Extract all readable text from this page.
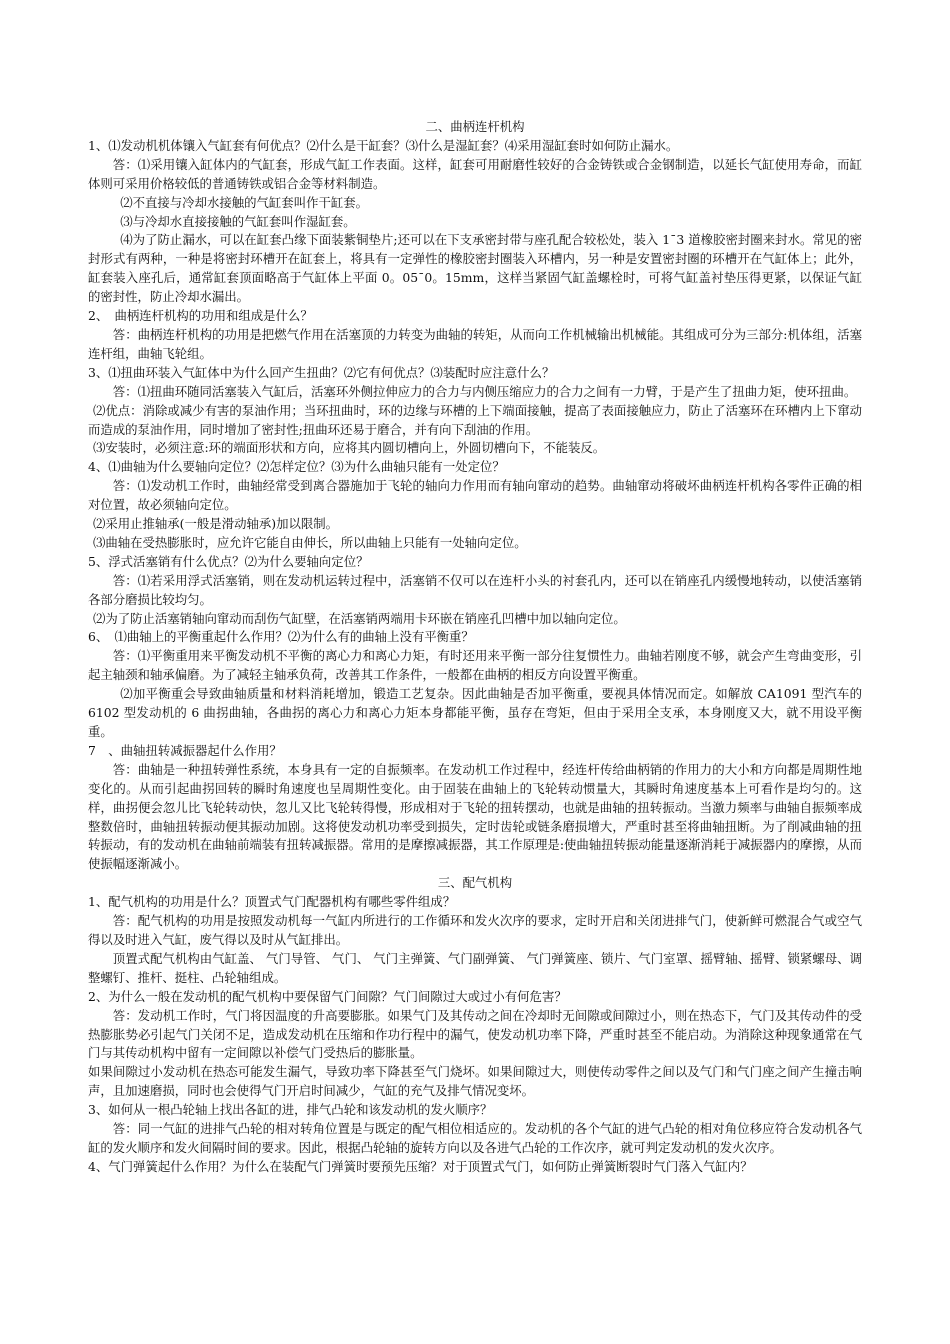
二、曲柄连杆机构

1、⑴发动机机体镶入气缸套有何优点？⑵什么是干缸套？⑶什么是湿缸套？⑷采用湿缸套时如何防止漏水。

答：⑴采用镶入缸体内的气缸套，形成气缸工作表面。这样，缸套可用耐磨性较好的合金铸铁或合金钢制造，以延长气缸使用寿命，而缸体则可采用价格较低的普通铸铁或铝合金等材料制造。

⑵不直接与冷却水接触的气缸套叫作干缸套。

⑶与冷却水直接接触的气缸套叫作湿缸套。

⑷为了防止漏水，可以在缸套凸缘下面装紫铜垫片;还可以在下支承密封带与座孔配合较松处，装入 1¯3 道橡胶密封圈来封水。常见的密封形式有两种，一种是将密封环槽开在缸套上，将具有一定弹性的橡胶密封圈装入环槽内，另一种是安置密封圈的环槽开在气缸体上；此外，缸套装入座孔后，通常缸套顶面略高于气缸体上平面 0。05¯0。15mm，这样当紧固气缸盖螺栓时，可将气缸盖衬垫压得更紧，以保证气缸的密封性，防止冷却水漏出。

2、　曲柄连杆机构的功用和组成是什么？

答：曲柄连杆机构的功用是把燃气作用在活塞顶的力转变为曲轴的转矩，从而向工作机械输出机械能。其组成可分为三部分:机体组，活塞连杆组，曲轴飞轮组。

3、⑴扭曲环装入气缸体中为什么回产生扭曲？⑵它有何优点？⑶装配时应注意什么？

答：⑴扭曲环随同活塞装入气缸后，活塞环外侧拉伸应力的合力与内侧压缩应力的合力之间有一力臂，于是产生了扭曲力矩，使环扭曲。

⑵优点：消除或减少有害的泵油作用；当环扭曲时，环的边缘与环槽的上下端面接触，提高了表面接触应力，防止了活塞环在环槽内上下窜动而造成的泵油作用，同时增加了密封性;扭曲环还易于磨合，并有向下刮油的作用。

⑶安装时，必须注意:环的端面形状和方向，应将其内圆切槽向上，外圆切槽向下，不能装反。

4、⑴曲轴为什么要轴向定位？⑵怎样定位？⑶为什么曲轴只能有一处定位？

答：⑴发动机工作时，曲轴经常受到离合器施加于飞轮的轴向力作用而有轴向窜动的趋势。曲轴窜动将破坏曲柄连杆机构各零件正确的相对位置，故必须轴向定位。

⑵采用止推轴承(一般是滑动轴承)加以限制。

⑶曲轴在受热膨胀时，应允许它能自由伸长，所以曲轴上只能有一处轴向定位。

5、浮式活塞销有什么优点？⑵为什么要轴向定位？

答：⑴若采用浮式活塞销，则在发动机运转过程中，活塞销不仅可以在连杆小头的衬套孔内，还可以在销座孔内缓慢地转动，以使活塞销各部分磨损比较均匀。

⑵为了防止活塞销轴向窜动而刮伤气缸壁，在活塞销两端用卡环嵌在销座孔凹槽中加以轴向定位。

6、　⑴曲轴上的平衡重起什么作用？⑵为什么有的曲轴上没有平衡重？

答：⑴平衡重用来平衡发动机不平衡的离心力和离心力矩，有时还用来平衡一部分往复惯性力。曲轴若刚度不够，就会产生弯曲变形，引起主轴颈和轴承偏磨。为了减轻主轴承负荷，改善其工作条件，一般都在曲柄的相反方向设置平衡重。

⑵加平衡重会导致曲轴质量和材料消耗增加，锻造工艺复杂。因此曲轴是否加平衡重，要视具体情况而定。如解放 CA1091 型汽车的 6102 型发动机的 6 曲拐曲轴，各曲拐的离心力和离心力矩本身都能平衡，虽存在弯矩，但由于采用全支承，本身刚度又大，就不用设平衡重。

7　、曲轴扭转减振器起什么作用？

答：曲轴是一种扭转弹性系统，本身具有一定的自振频率。在发动机工作过程中，经连杆传给曲柄销的作用力的大小和方向都是周期性地变化的。从而引起曲拐回转的瞬时角速度也呈周期性变化。由于固装在曲轴上的飞轮转动惯量大，其瞬时角速度基本上可看作是均匀的。这样，曲拐便会忽儿比飞轮转动快，忽儿又比飞轮转得慢，形成相对于飞轮的扭转摆动，也就是曲轴的扭转振动。当激力频率与曲轴自振频率成整数倍时，曲轴扭转振动便其振动加剧。这将使发动机功率受到损失，定时齿轮或链条磨损增大，严重时甚至将曲轴扭断。为了削减曲轴的扭转振动，有的发动机在曲轴前端装有扭转减振器。常用的是摩擦减振器，其工作原理是:使曲轴扭转振动能量逐渐消耗于减振器内的摩擦，从而使振幅逐渐减小。

三、配气机构

1、配气机构的功用是什么？顶置式气门配器机构有哪些零件组成？

答：配气机构的功用是按照发动机每一气缸内所进行的工作循环和发火次序的要求，定时开启和关闭进排气门，使新鲜可燃混合气或空气得以及时进入气缸，废气得以及时从气缸排出。

顶置式配气机构由气缸盖、 气门导管、 气门、 气门主弹簧、气门副弹簧、 气门弹簧座、锁片、气门室罩、摇臂轴、摇臂、锁紧螺母、调整螺钉、推杆、挺柱、凸轮轴组成。

2、为什么一般在发动机的配气机构中要保留气门间隙？气门间隙过大或过小有何危害？

答：发动机工作时，气门将因温度的升高要膨胀。如果气门及其传动之间在冷却时无间隙或间隙过小，则在热态下，气门及其传动件的受热膨胀势必引起气门关闭不足，造成发动机在压缩和作功行程中的漏气，使发动机功率下降，严重时甚至不能启动。为消除这种现象通常在气门与其传动机构中留有一定间隙以补偿气门受热后的膨胀量。

如果间隙过小发动机在热态可能发生漏气，导致功率下降甚至气门烧坏。如果间隙过大，则使传动零件之间以及气门和气门座之间产生撞击响声，且加速磨损，同时也会使得气门开启时间减少，气缸的充气及排气情况变坏。

3、如何从一根凸轮轴上找出各缸的进，排气凸轮和该发动机的发火顺序？

答：同一气缸的进排气凸轮的相对转角位置是与既定的配气相位相适应的。发动机的各个气缸的进气凸轮的相对角位移应符合发动机各气缸的发火顺序和发火间隔时间的要求。因此，根据凸轮轴的旋转方向以及各进气凸轮的工作次序，就可判定发动机的发火次序。

4、气门弹簧起什么作用？为什么在装配气门弹簧时要预先压缩？对于顶置式气门，如何防止弹簧断裂时气门落入气缸内？
